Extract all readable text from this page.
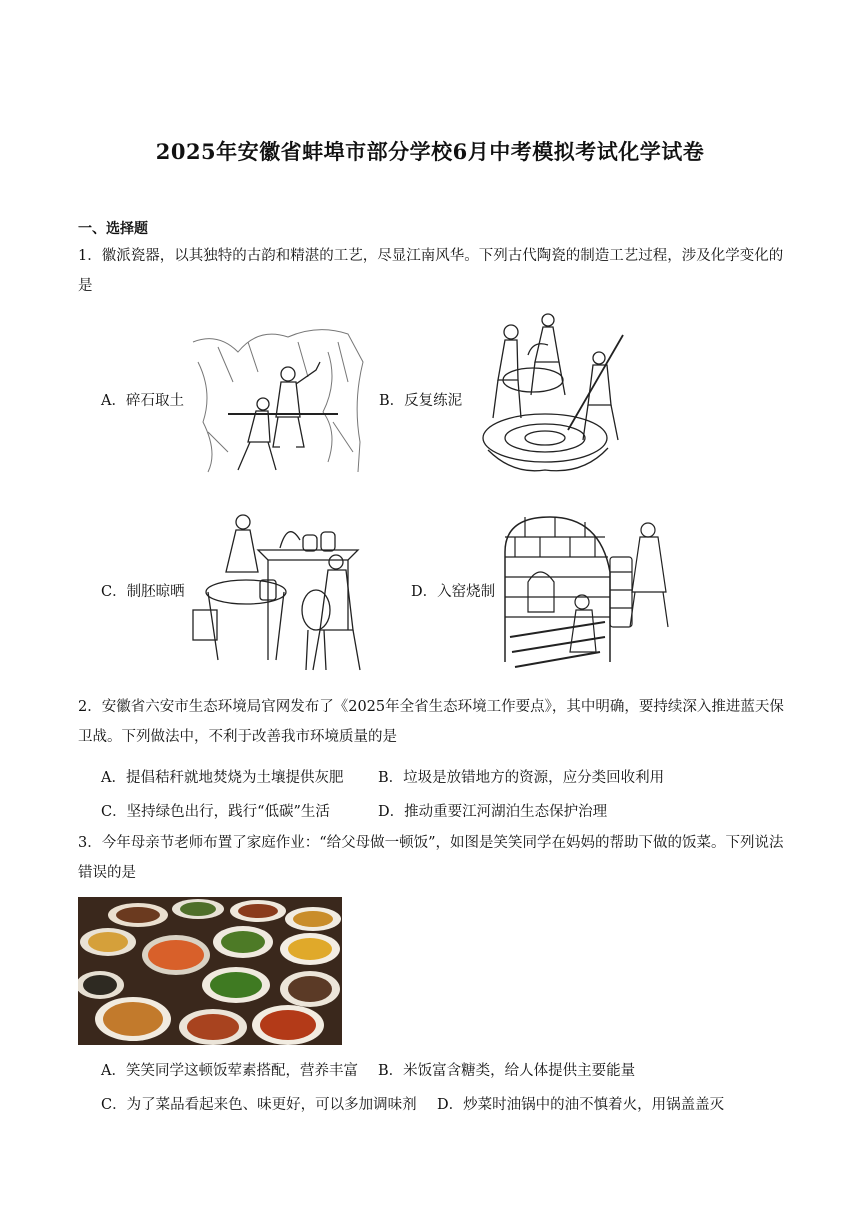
2025年安徽省蚌埠市部分学校6月中考模拟考试化学试卷
一、选择题
1．徽派瓷器，以其独特的古韵和精湛的工艺，尽显江南风华。下列古代陶瓷的制造工艺过程，涉及化学变化的是
A．碎石取土	B．反复练泥
C．制胚晾晒	D．入窑烧制
2．安徽省六安市生态环境局官网发布了《2025年全省生态环境工作要点》，其中明确，要持续深入推进蓝天保卫战。下列做法中，不利于改善我市环境质量的是
A．提倡秸秆就地焚烧为土壤提供灰肥 B．垃圾是放错地方的资源，应分类回收利用
C．坚持绿色出行，践行“低碳”生活	D．推动重要江河湖泊生态保护治理
3．今年母亲节老师布置了家庭作业：“给父母做一顿饭”，如图是笑笑同学在妈妈的帮助下做的饭菜。下列说法错误的是
A．笑笑同学这顿饭荤素搭配，营养丰富 B．米饭富含糖类，给人体提供主要能量
C．为了菜品看起来色、味更好，可以多加调味剂 D．炒菜时油锅中的油不慎着火，用锅盖盖灭
